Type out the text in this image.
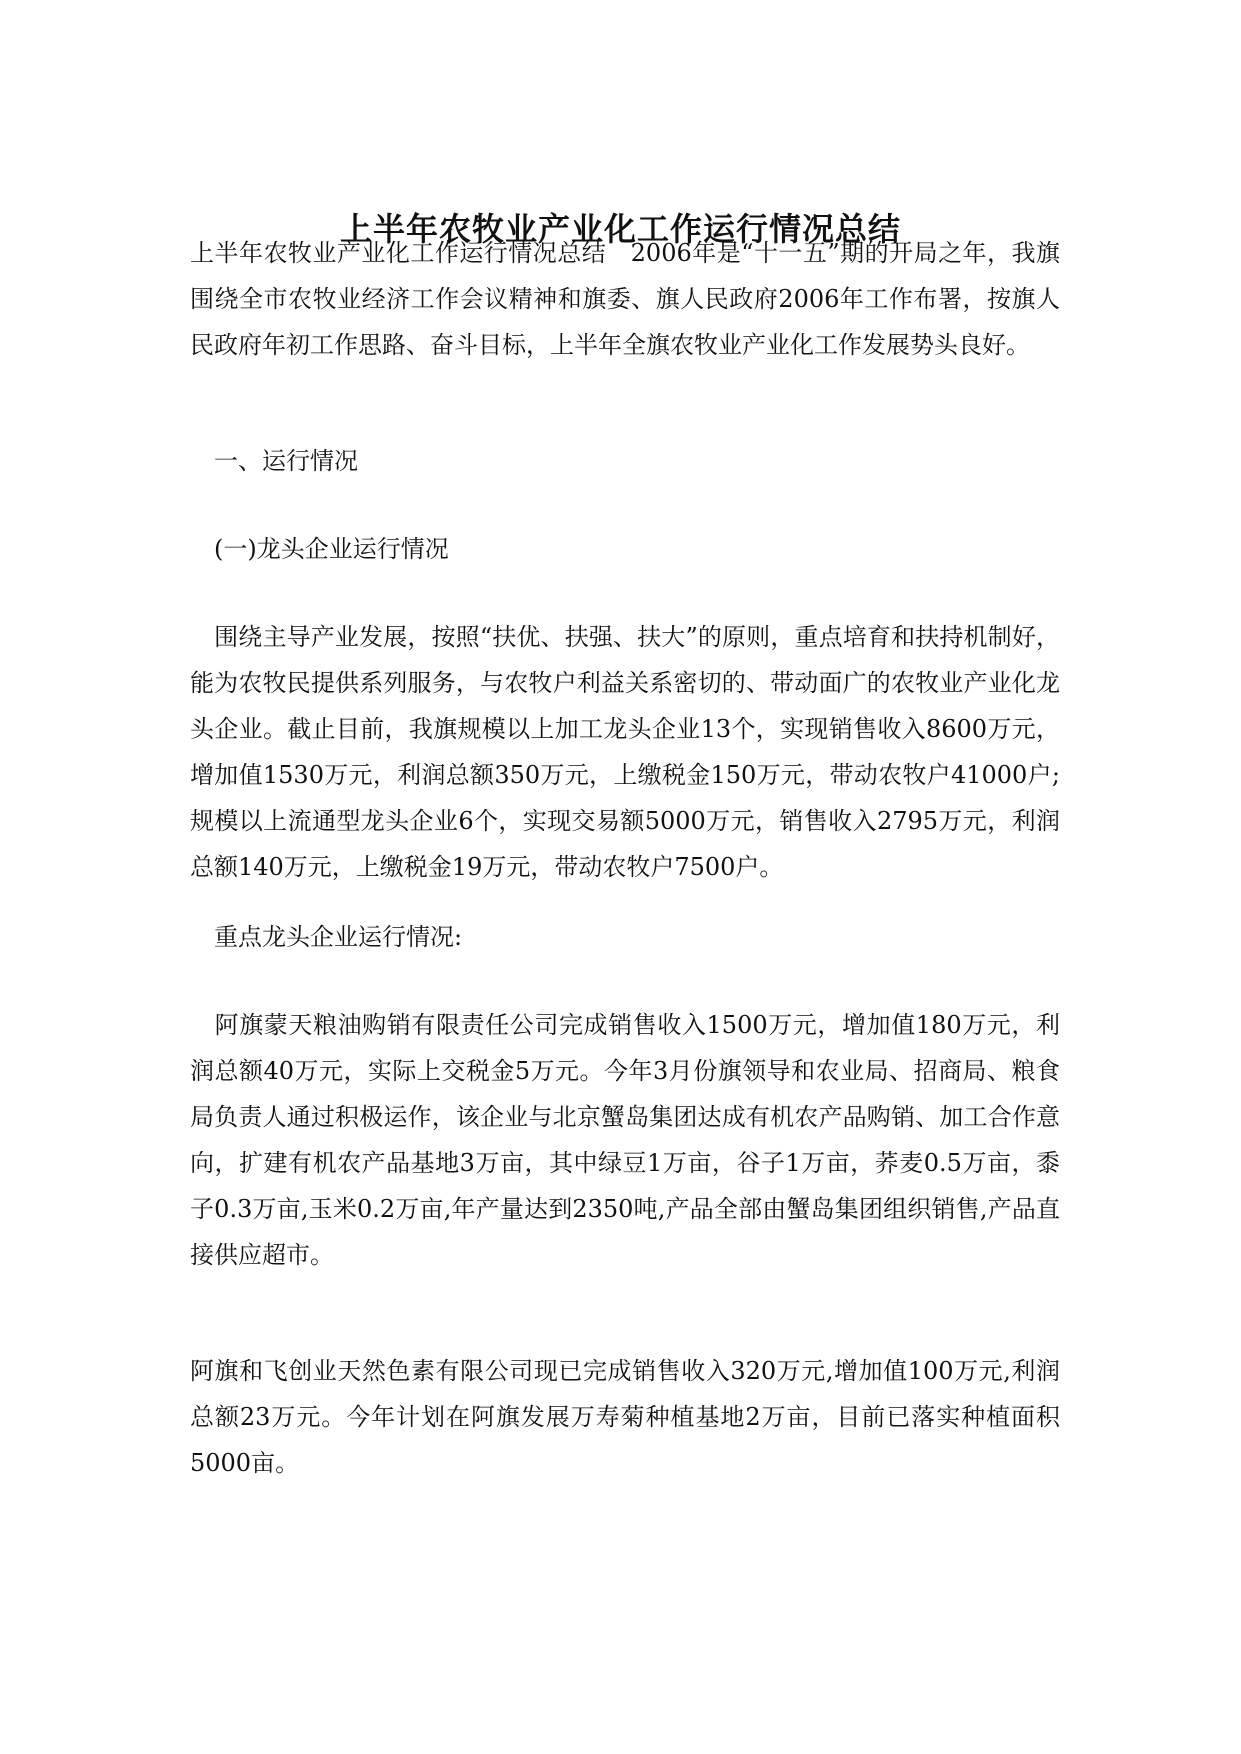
上半年农牧业产业化工作运行情况总结

上半年农牧业产业化工作运行情况总结　2006年是“十一五”期的开局之年，我旗围绕全市农牧业经济工作会议精神和旗委、旗人民政府2006年工作布署，按旗人民政府年初工作思路、奋斗目标，上半年全旗农牧业产业化工作发展势头良好。

　一、运行情况

　(一)龙头企业运行情况

　围绕主导产业发展，按照“扶优、扶强、扶大”的原则，重点培育和扶持机制好，能为农牧民提供系列服务，与农牧户利益关系密切的、带动面广的农牧业产业化龙头企业。截止目前，我旗规模以上加工龙头企业13个，实现销售收入8600万元，增加值1530万元，利润总额350万元，上缴税金150万元，带动农牧户41000户;规模以上流通型龙头企业6个，实现交易额5000万元，销售收入2795万元，利润总额140万元，上缴税金19万元，带动农牧户7500户。

　重点龙头企业运行情况:

　阿旗蒙天粮油购销有限责任公司完成销售收入1500万元，增加值180万元，利润总额40万元，实际上交税金5万元。今年3月份旗领导和农业局、招商局、粮食局负责人通过积极运作，该企业与北京蟹岛集团达成有机农产品购销、加工合作意向，扩建有机农产品基地3万亩，其中绿豆1万亩，谷子1万亩，荞麦0.5万亩，黍子0.3万亩,玉米0.2万亩,年产量达到2350吨,产品全部由蟹岛集团组织销售,产品直接供应超市。

阿旗和飞创业天然色素有限公司现已完成销售收入320万元,增加值100万元,利润总额23万元。今年计划在阿旗发展万寿菊种植基地2万亩，目前已落实种植面积5000亩。
